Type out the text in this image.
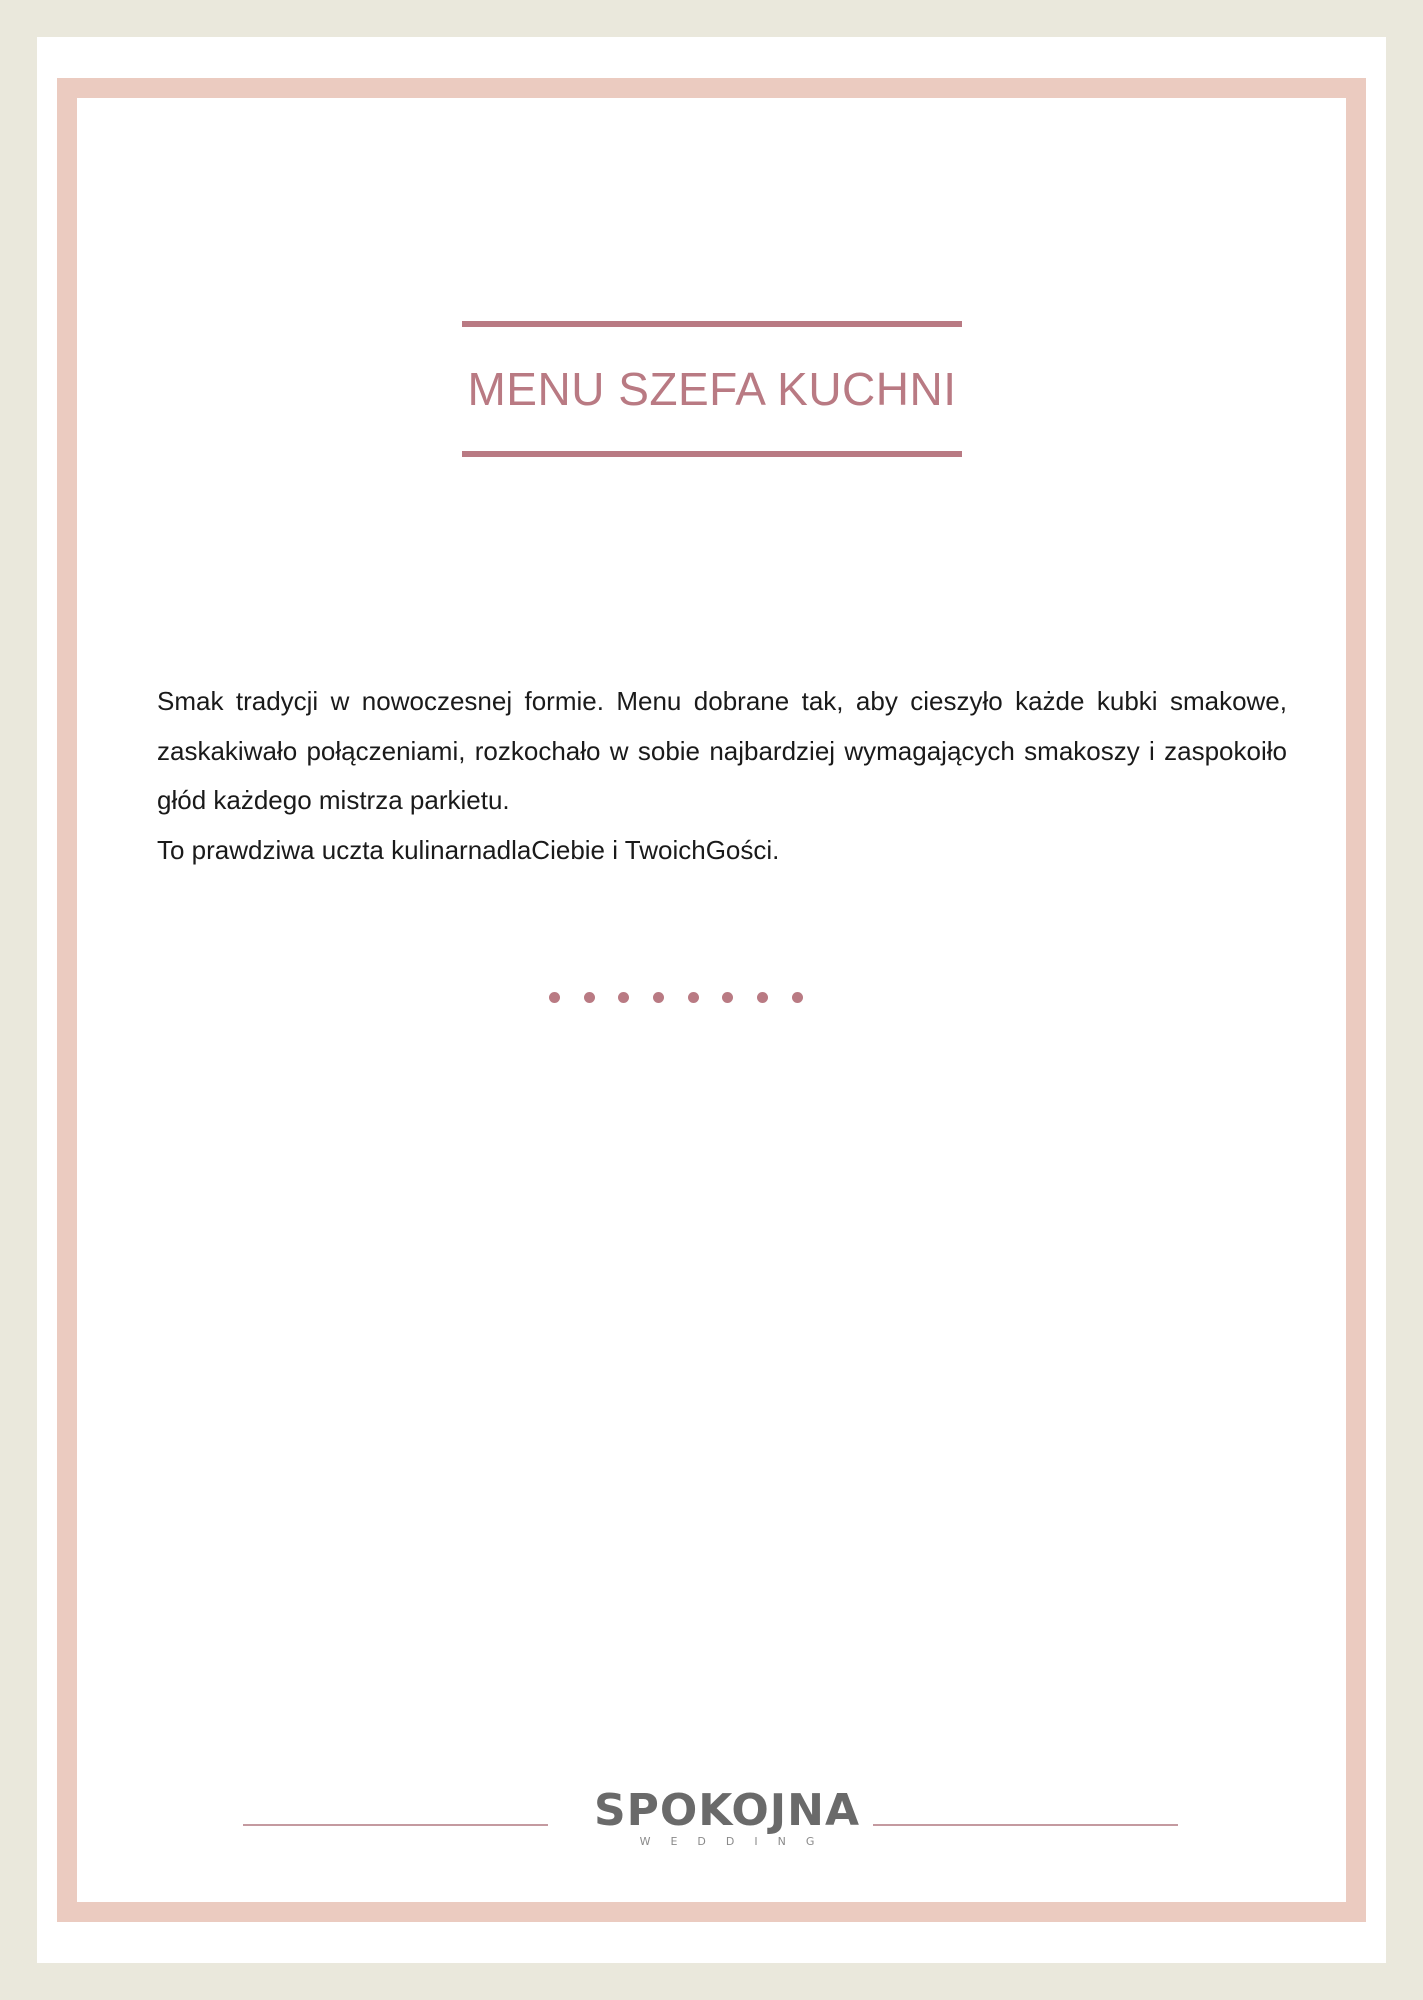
MENU SZEFA KUCHNI

Smak tradycji w nowoczesnej formie. Menu dobrane tak, aby cieszyło każde kubki smakowe, zaskakiwało połączeniami, rozkochało w sobie najbardziej wymagających smakoszy i zaspokoiło głód każdego mistrza parkietu.

To prawdziwa uczta kulinarnadlaCiebie i TwoichGości.

SPOKOJNA
WEDDING
